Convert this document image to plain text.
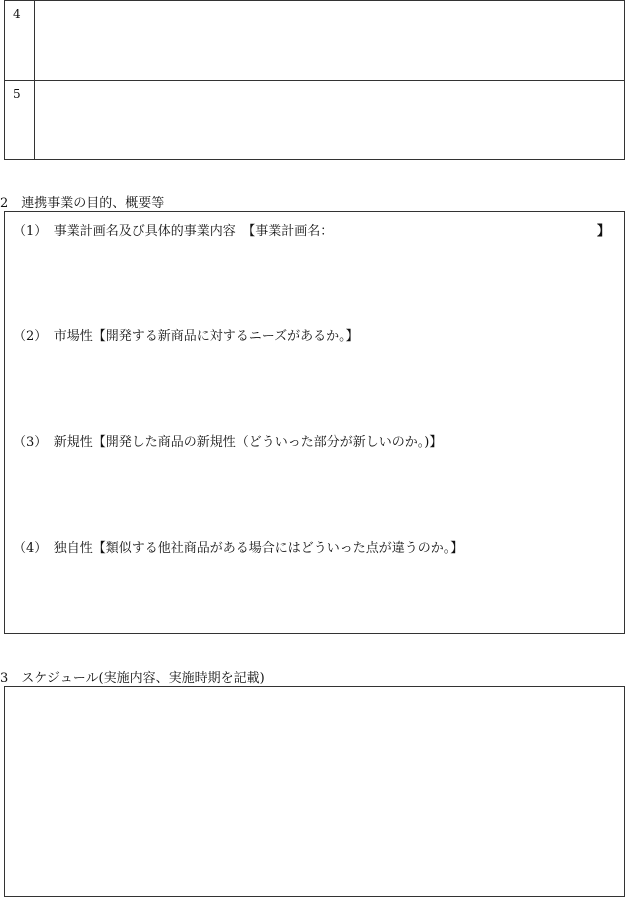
4
5
2　連携事業の目的、概要等
（1）　事業計画名及び具体的事業内容　【事業計画名：	】
（2）　市場性【開発する新商品に対するニーズがあるか。】
（3）　新規性【開発した商品の新規性（どういった部分が新しいのか。)】
（4）　独自性【類似する他社商品がある場合にはどういった点が違うのか。】
3　スケジュール(実施内容、実施時期を記載)
